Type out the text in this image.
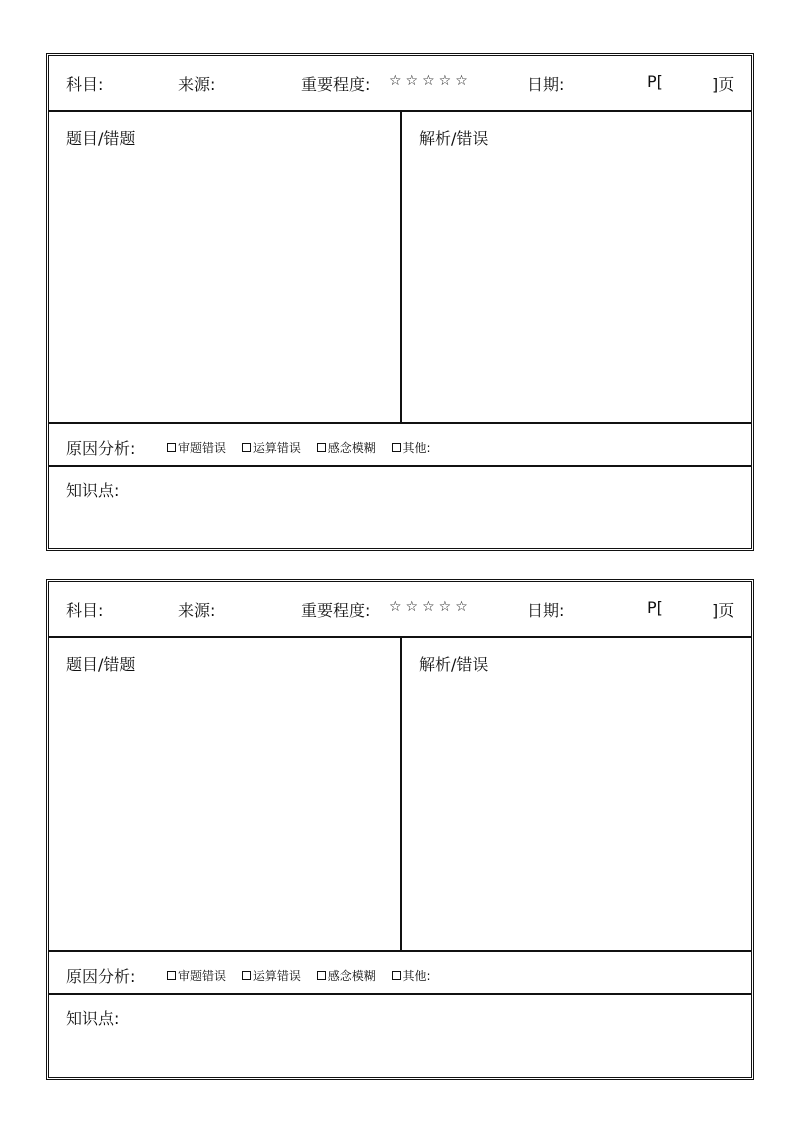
科目:	来源:	重要程度: ☆☆☆☆☆	日期:	P[	]页
题目/错题	解析/错误
原因分析:	审题错误 运算错误 感念模糊 其他:
知识点:
科目:	来源:	重要程度: ☆☆☆☆☆	日期:	P[	]页
题目/错题	解析/错误
原因分析:	审题错误 运算错误 感念模糊 其他:
知识点:
